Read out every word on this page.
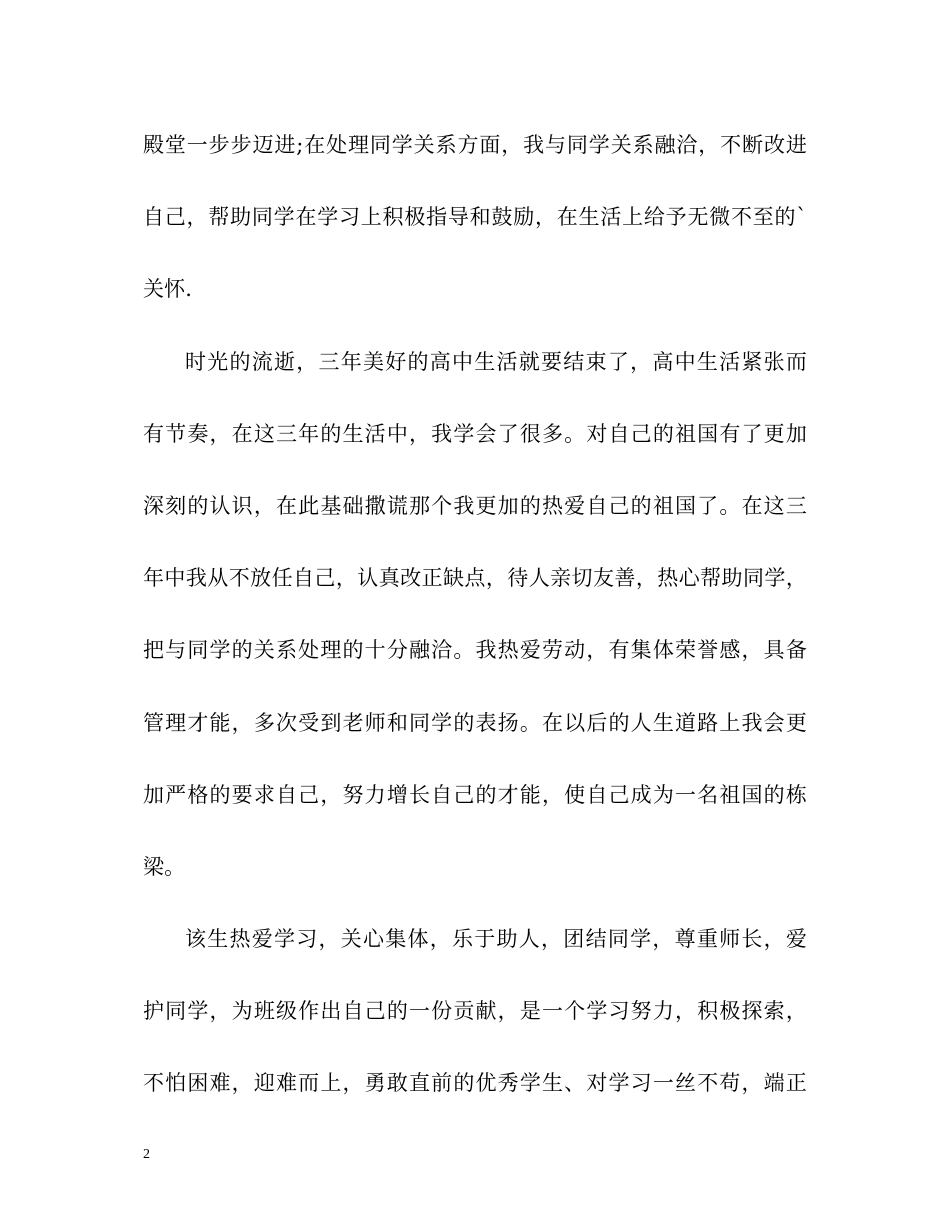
殿堂一步步迈进;在处理同学关系方面，我与同学关系融洽，不断改进
自己，帮助同学在学习上积极指导和鼓励，在生活上给予无微不至的`
关怀.
时光的流逝，三年美好的高中生活就要结束了，高中生活紧张而
有节奏，在这三年的生活中，我学会了很多。对自己的祖国有了更加
深刻的认识，在此基础撒谎那个我更加的热爱自己的祖国了。在这三
年中我从不放任自己，认真改正缺点，待人亲切友善，热心帮助同学，
把与同学的关系处理的十分融洽。我热爱劳动，有集体荣誉感，具备
管理才能，多次受到老师和同学的表扬。在以后的人生道路上我会更
加严格的要求自己，努力增长自己的才能，使自己成为一名祖国的栋
梁。
该生热爱学习，关心集体，乐于助人，团结同学，尊重师长，爱
护同学，为班级作出自己的一份贡献，是一个学习努力，积极探索，
不怕困难，迎难而上，勇敢直前的优秀学生、对学习一丝不苟，端正
2
